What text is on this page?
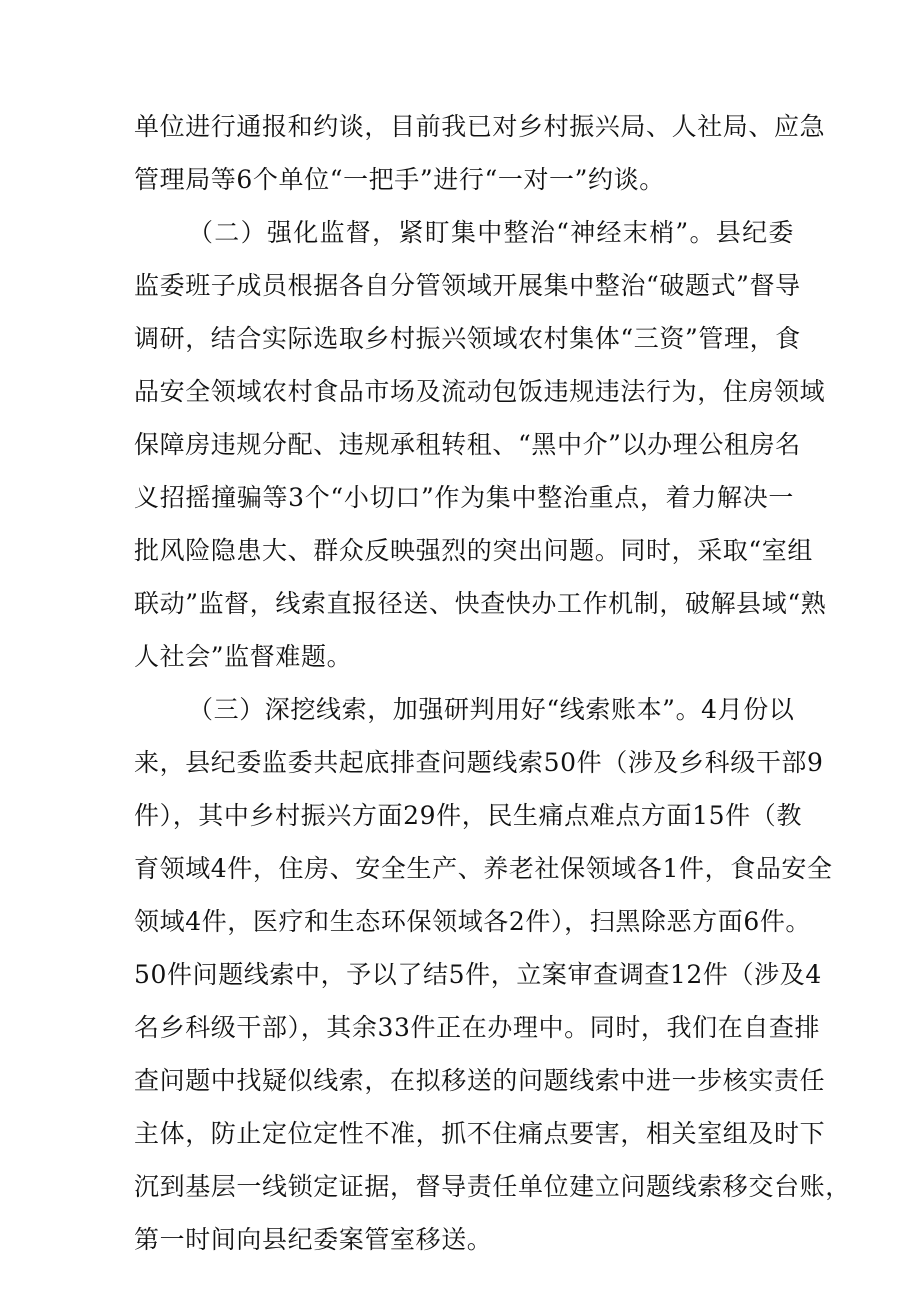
单位进行通报和约谈，目前我已对乡村振兴局、人社局、应急
管理局等6个单位“一把手”进行“一对一”约谈。
（二）强化监督，紧盯集中整治“神经末梢”。县纪委
监委班子成员根据各自分管领域开展集中整治“破题式”督导
调研，结合实际选取乡村振兴领域农村集体“三资”管理，食
品安全领域农村食品市场及流动包饭违规违法行为，住房领域
保障房违规分配、违规承租转租、“黑中介”以办理公租房名
义招摇撞骗等3个“小切口”作为集中整治重点，着力解决一
批风险隐患大、群众反映强烈的突出问题。同时，采取“室组
联动”监督，线索直报径送、快查快办工作机制，破解县域“熟
人社会”监督难题。
（三）深挖线索，加强研判用好“线索账本”。4月份以
来，县纪委监委共起底排查问题线索50件（涉及乡科级干部9
件），其中乡村振兴方面29件，民生痛点难点方面15件（教
育领域4件，住房、安全生产、养老社保领域各1件，食品安全
领域4件，医疗和生态环保领域各2件），扫黑除恶方面6件。
50件问题线索中，予以了结5件，立案审查调查12件（涉及4
名乡科级干部），其余33件正在办理中。同时，我们在自查排
查问题中找疑似线索，在拟移送的问题线索中进一步核实责任
主体，防止定位定性不准，抓不住痛点要害，相关室组及时下
沉到基层一线锁定证据，督导责任单位建立问题线索移交台账，
第一时间向县纪委案管室移送。
